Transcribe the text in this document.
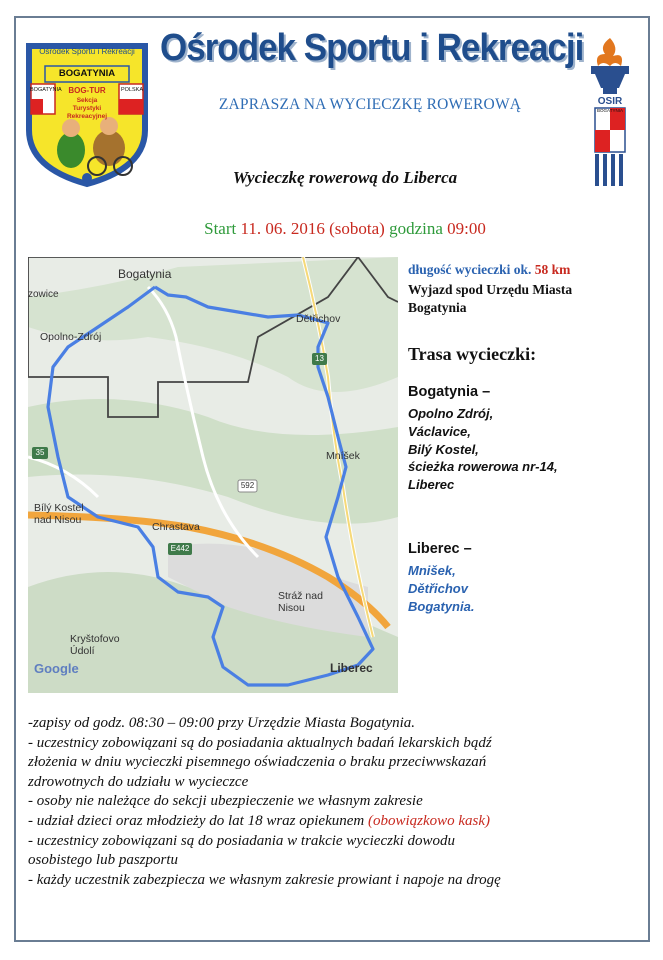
Ośrodek Sportu i Rekreacji
BOGATYNIA
BOGATYNIA	POLSKA
BOG-TUR
Sekcja
Turystyki
Rekreacyjnej
OSIR
BOGATYNIA
Ośrodek Sportu i Rekreacji
ZAPRASZA NA WYCIECZKĘ ROWEROWĄ
Wycieczkę rowerową do Liberca
Start 11. 06. 2016 (sobota) godzina 09:00
13
35
592
E442
Bogatynia
zowice
Opolno-Zdrój
Dětřichov
Mníšek
Bílý Kostel
nad Nisou
Chrastava
Stráž nad
Nisou
Kryštofovo
Údolí
Liberec
Google
długość wycieczki ok. 58 km
Wyjazd spod Urzędu Miasta
Bogatynia
Trasa wycieczki:
Bogatynia –
Opolno Zdrój,
Václavice,
Bilý Kostel,
ścieżka rowerowa nr-14,
Liberec
Liberec –
Mnišek,
Dětřichov
Bogatynia.
-zapisy od godz. 08:30 – 09:00 przy Urzędzie Miasta Bogatynia.
- uczestnicy zobowiązani są do posiadania aktualnych badań lekarskich bądź
złożenia w dniu wycieczki pisemnego oświadczenia o braku przeciwwskazań
zdrowotnych do udziału w wycieczce
- osoby nie należące do sekcji ubezpieczenie we własnym zakresie
- udział dzieci oraz młodzieży do lat 18 wraz opiekunem (obowiązkowo kask)
- uczestnicy zobowiązani są do posiadania w trakcie wycieczki dowodu
osobistego lub paszportu
- każdy uczestnik zabezpiecza we własnym zakresie prowiant i napoje na drogę
